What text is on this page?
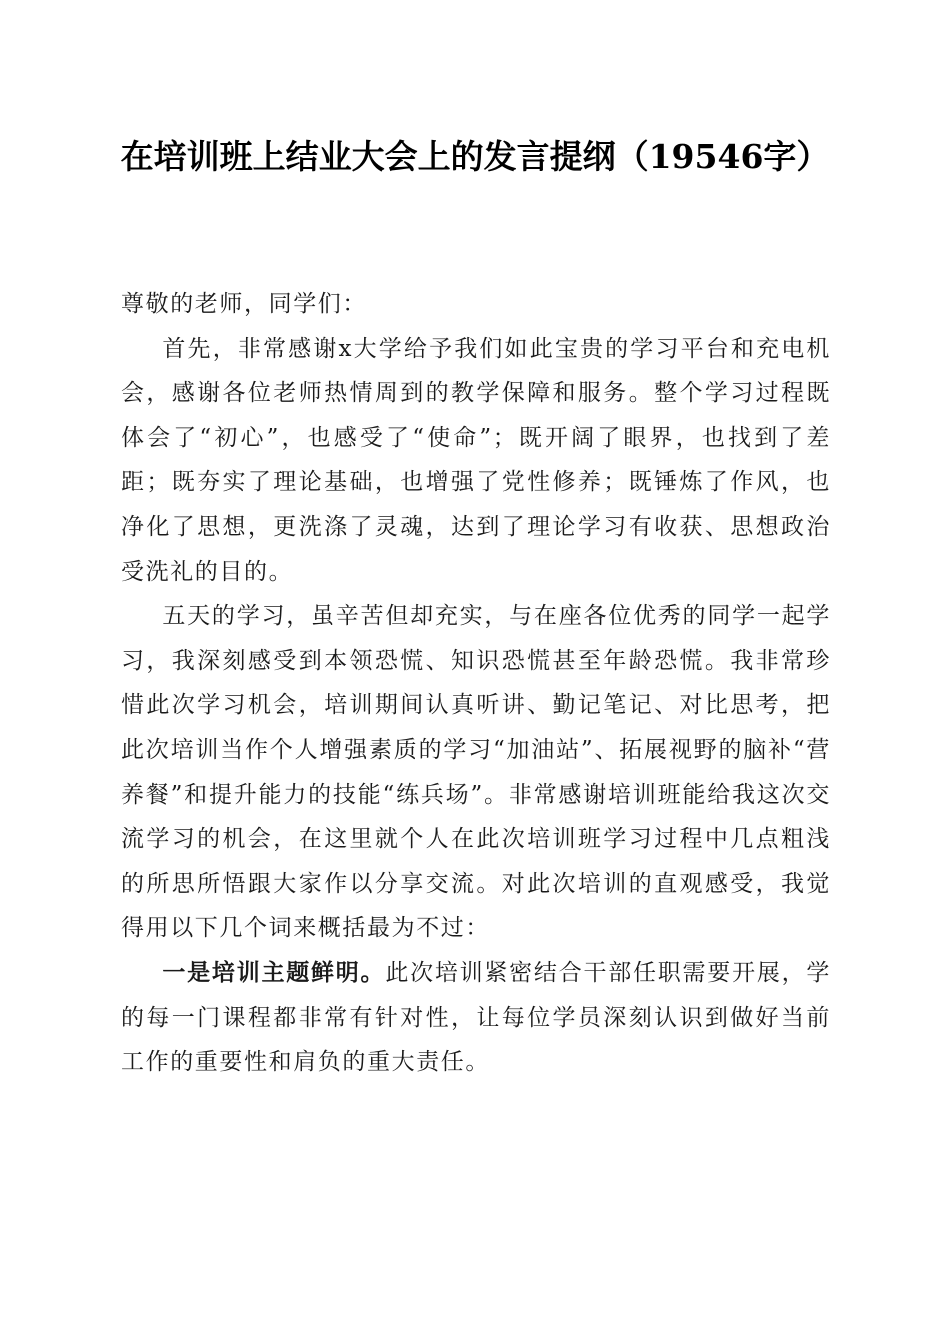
在培训班上结业大会上的发言提纲（19546字）

尊敬的老师，同学们：

首先，非常感谢x大学给予我们如此宝贵的学习平台和充电机会，感谢各位老师热情周到的教学保障和服务。整个学习过程既体会了“初心”，也感受了“使命”；既开阔了眼界，也找到了差距；既夯实了理论基础，也增强了党性修养；既锤炼了作风，也净化了思想，更洗涤了灵魂，达到了理论学习有收获、思想政治受洗礼的目的。

五天的学习，虽辛苦但却充实，与在座各位优秀的同学一起学习，我深刻感受到本领恐慌、知识恐慌甚至年龄恐慌。我非常珍惜此次学习机会，培训期间认真听讲、勤记笔记、对比思考，把此次培训当作个人增强素质的学习“加油站”、拓展视野的脑补“营养餐”和提升能力的技能“练兵场”。非常感谢培训班能给我这次交流学习的机会，在这里就个人在此次培训班学习过程中几点粗浅的所思所悟跟大家作以分享交流。对此次培训的直观感受，我觉得用以下几个词来概括最为不过：

一是培训主题鲜明。此次培训紧密结合干部任职需要开展，学的每一门课程都非常有针对性，让每位学员深刻认识到做好当前工作的重要性和肩负的重大责任。
